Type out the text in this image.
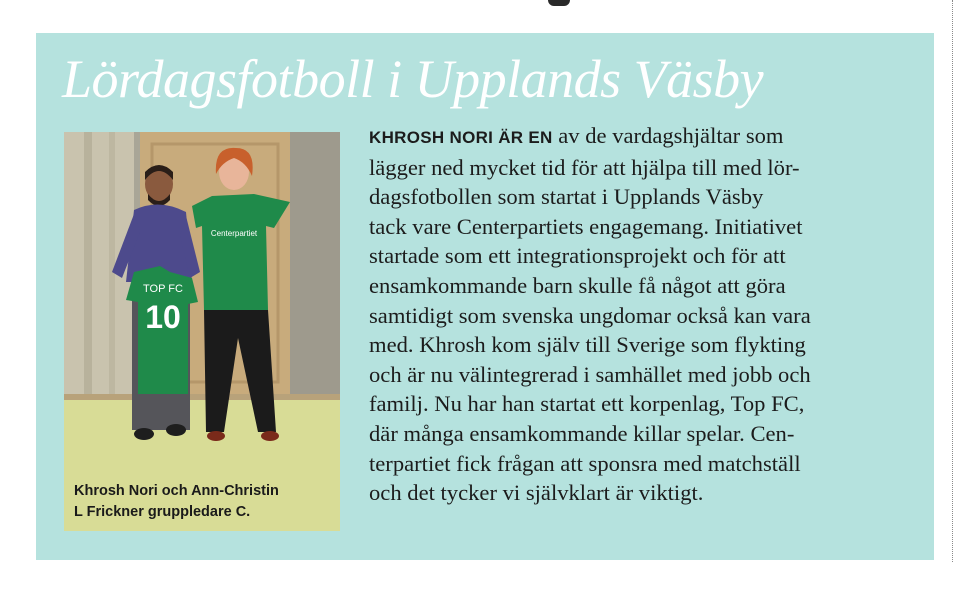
Lördagsfotboll i Upplands Väsby
TOP FC
10
Centerpartiet

Khrosh Nori och Ann-Christin
L Frickner gruppledare C.

KHROSH NORI ÄR EN av de vardagshjältar som
lägger ned mycket tid för att hjälpa till med lör-
dagsfotbollen som startat i Upplands Väsby
tack vare Centerpartiets engagemang. Initiativet
startade som ett integrationsprojekt och för att
ensamkommande barn skulle få något att göra
samtidigt som svenska ungdomar också kan vara
med. Khrosh kom själv till Sverige som flykting
och är nu välintegrerad i samhället med jobb och
familj. Nu har han startat ett korpenlag, Top FC,
där många ensamkommande killar spelar. Cen-
terpartiet fick frågan att sponsra med matchställ
och det tycker vi självklart är viktigt.
